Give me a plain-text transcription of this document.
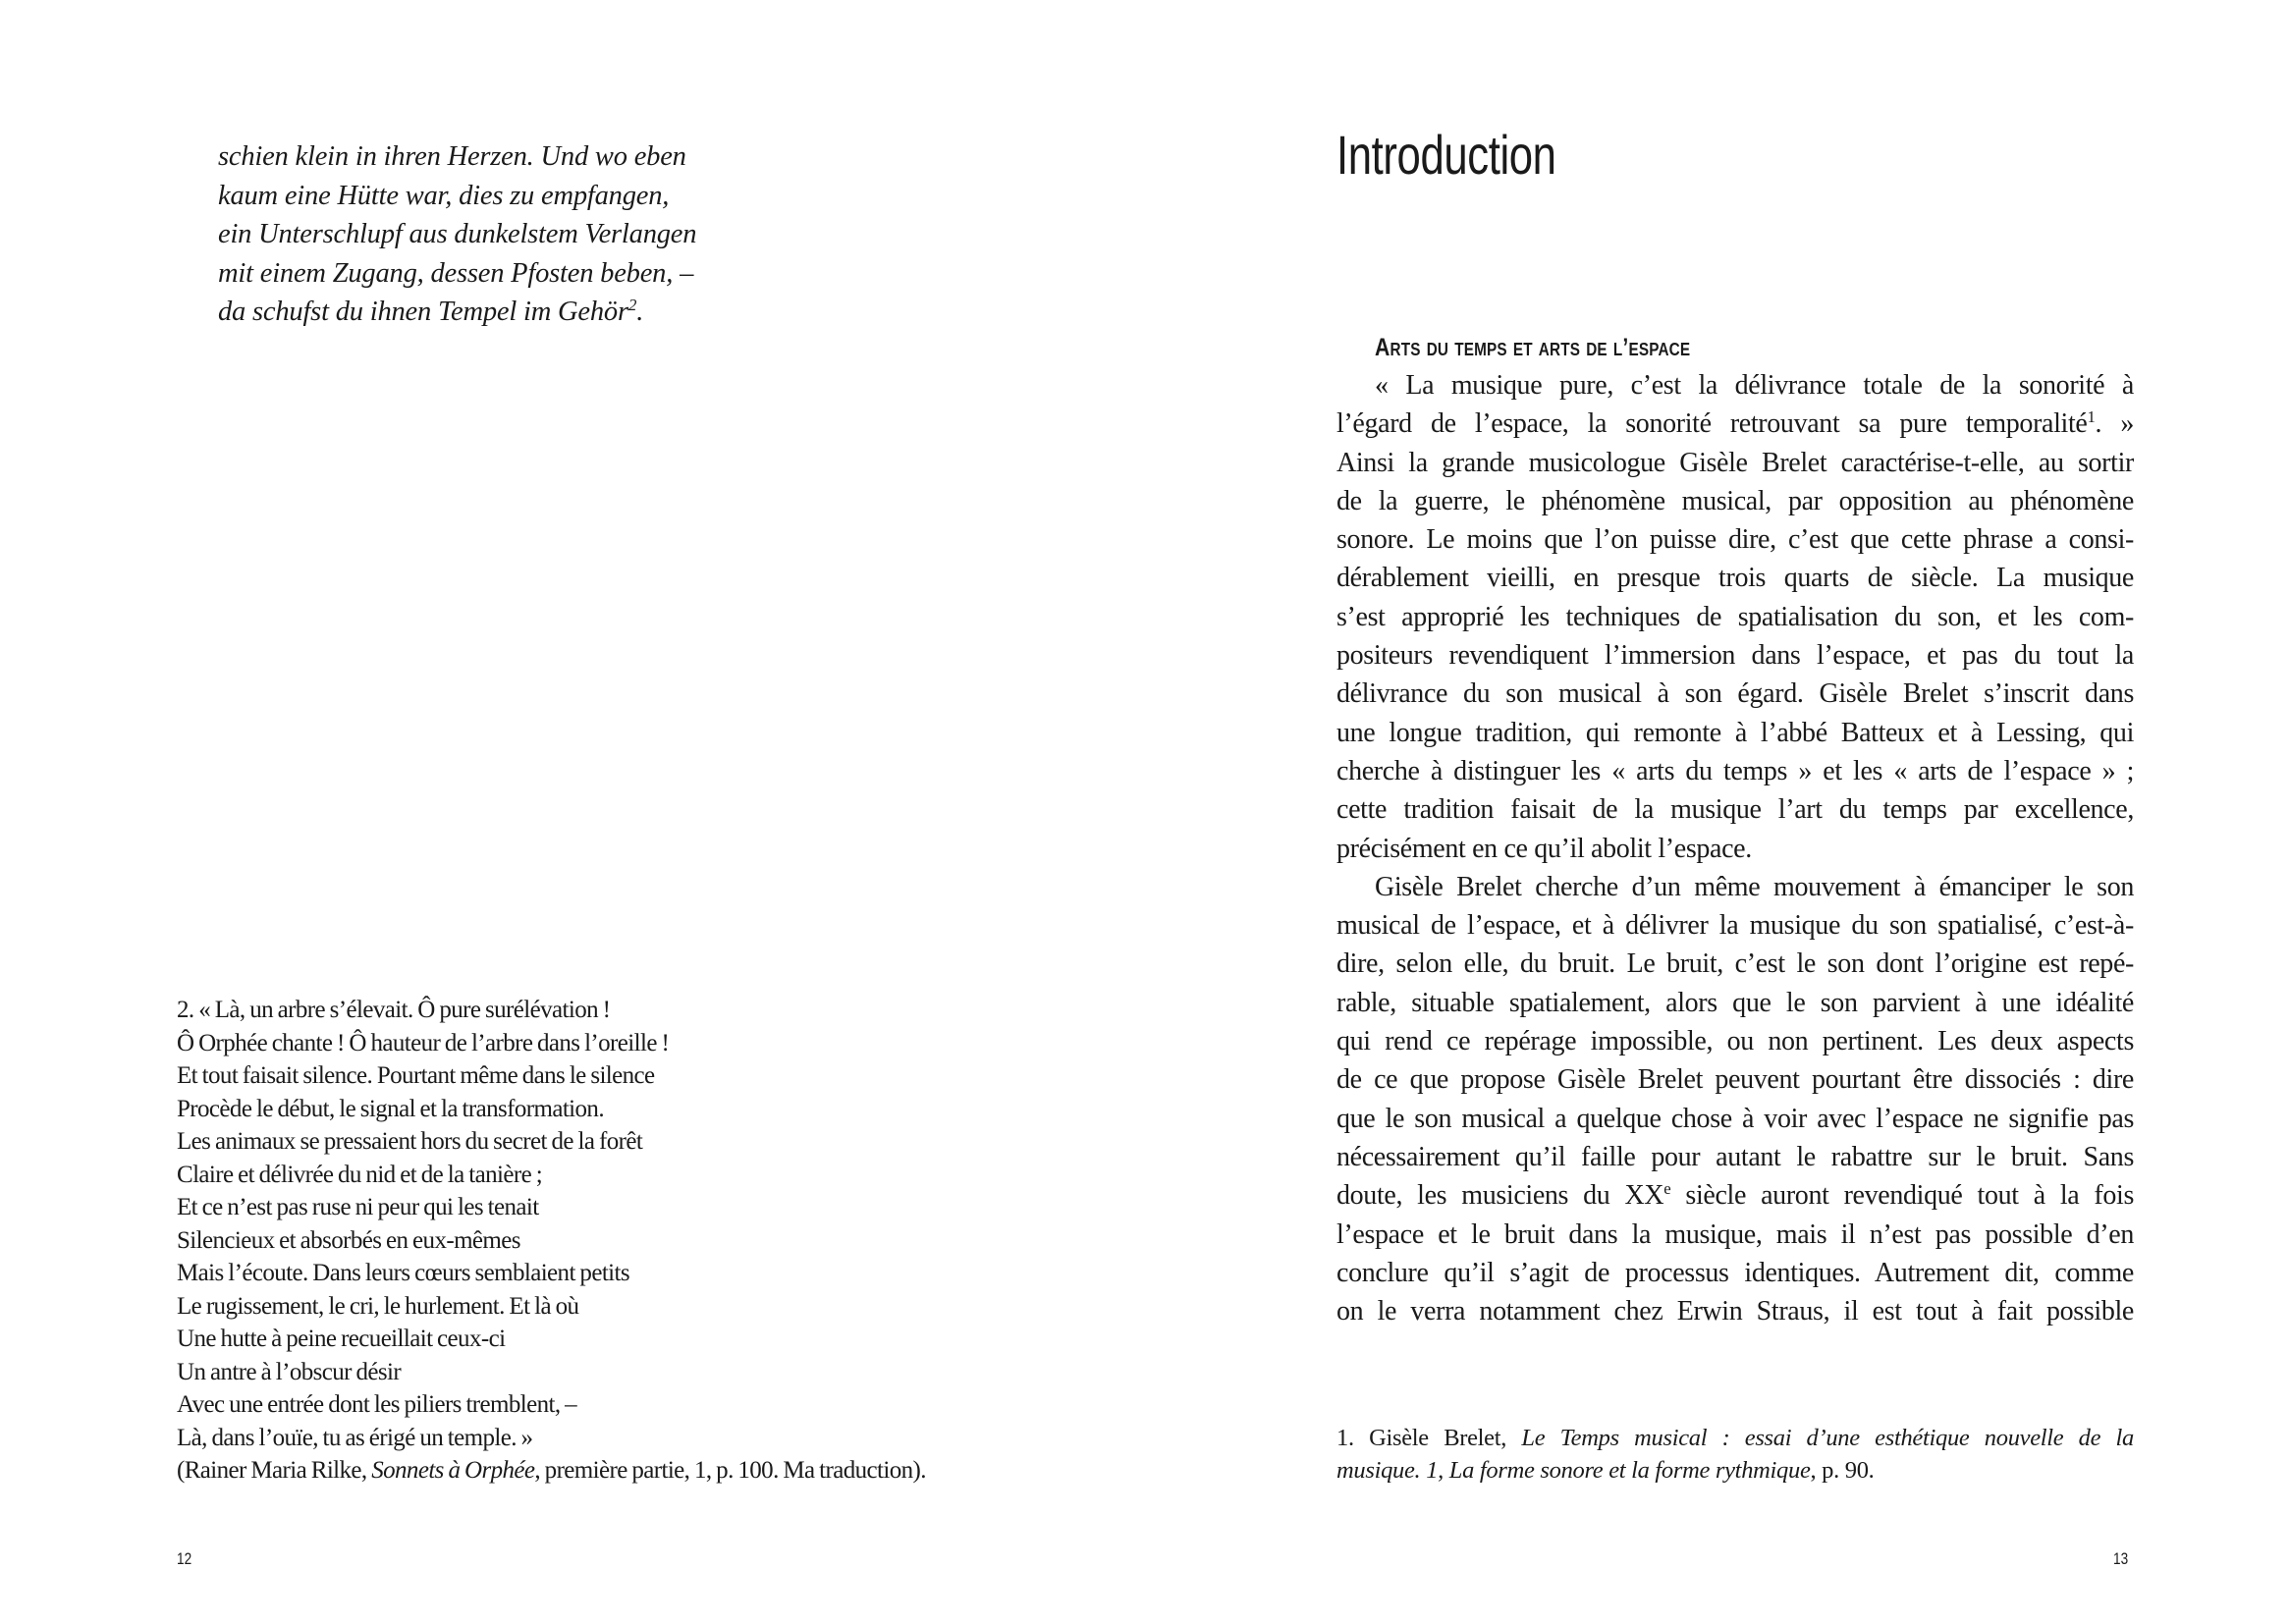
schien klein in ihren Herzen. Und wo eben
kaum eine Hütte war, dies zu empfangen,
ein Unterschlupf aus dunkelstem Verlangen
mit einem Zugang, dessen Pfosten beben, –
da schufst du ihnen Tempel im Gehör$^2$.
2. « Là, un arbre s’élevait. Ô pure surélévation !
Ô Orphée chante ! Ô hauteur de l’arbre dans l’oreille !
Et tout faisait silence. Pourtant même dans le silence
Procède le début, le signal et la transformation.
Les animaux se pressaient hors du secret de la forêt
Claire et délivrée du nid et de la tanière ;
Et ce n’est pas ruse ni peur qui les tenait
Silencieux et absorbés en eux-mêmes
Mais l’écoute. Dans leurs cœurs semblaient petits
Le rugissement, le cri, le hurlement. Et là où
Une hutte à peine recueillait ceux-ci
Un antre à l’obscur désir
Avec une entrée dont les piliers tremblent, –
Là, dans l’ouïe, tu as érigé un temple. »
(Rainer Maria Rilke, Sonnets à Orphée, première partie, 1, p. 100. Ma traduction).
12
Introduction
Arts du temps et arts de l’espace
« La musique pure, c’est la délivrance totale de la sonorité à
l’égard de l’espace, la sonorité retrouvant sa pure temporalité$^1$. »
Ainsi la grande musicologue Gisèle Brelet caractérise-t-elle, au sortir
de la guerre, le phénomène musical, par opposition au phénomène
sonore. Le moins que l’on puisse dire, c’est que cette phrase a consi-
dérablement vieilli, en presque trois quarts de siècle. La musique
s’est approprié les techniques de spatialisation du son, et les com-
positeurs revendiquent l’immersion dans l’espace, et pas du tout la
délivrance du son musical à son égard. Gisèle Brelet s’inscrit dans
une longue tradition, qui remonte à l’abbé Batteux et à Lessing, qui
cherche à distinguer les « arts du temps » et les « arts de l’espace » ;
cette tradition faisait de la musique l’art du temps par excellence,
précisément en ce qu’il abolit l’espace.
Gisèle Brelet cherche d’un même mouvement à émanciper le son
musical de l’espace, et à délivrer la musique du son spatialisé, c’est-à-
dire, selon elle, du bruit. Le bruit, c’est le son dont l’origine est repé-
rable, situable spatialement, alors que le son parvient à une idéalité
qui rend ce repérage impossible, ou non pertinent. Les deux aspects
de ce que propose Gisèle Brelet peuvent pourtant être dissociés : dire
que le son musical a quelque chose à voir avec l’espace ne signifie pas
nécessairement qu’il faille pour autant le rabattre sur le bruit. Sans
doute, les musiciens du XXe siècle auront revendiqué tout à la fois
l’espace et le bruit dans la musique, mais il n’est pas possible d’en
conclure qu’il s’agit de processus identiques. Autrement dit, comme
on le verra notamment chez Erwin Straus, il est tout à fait possible
1. Gisèle Brelet, Le Temps musical : essai d’une esthétique nouvelle de la
musique. 1, La forme sonore et la forme rythmique, p. 90.
13
